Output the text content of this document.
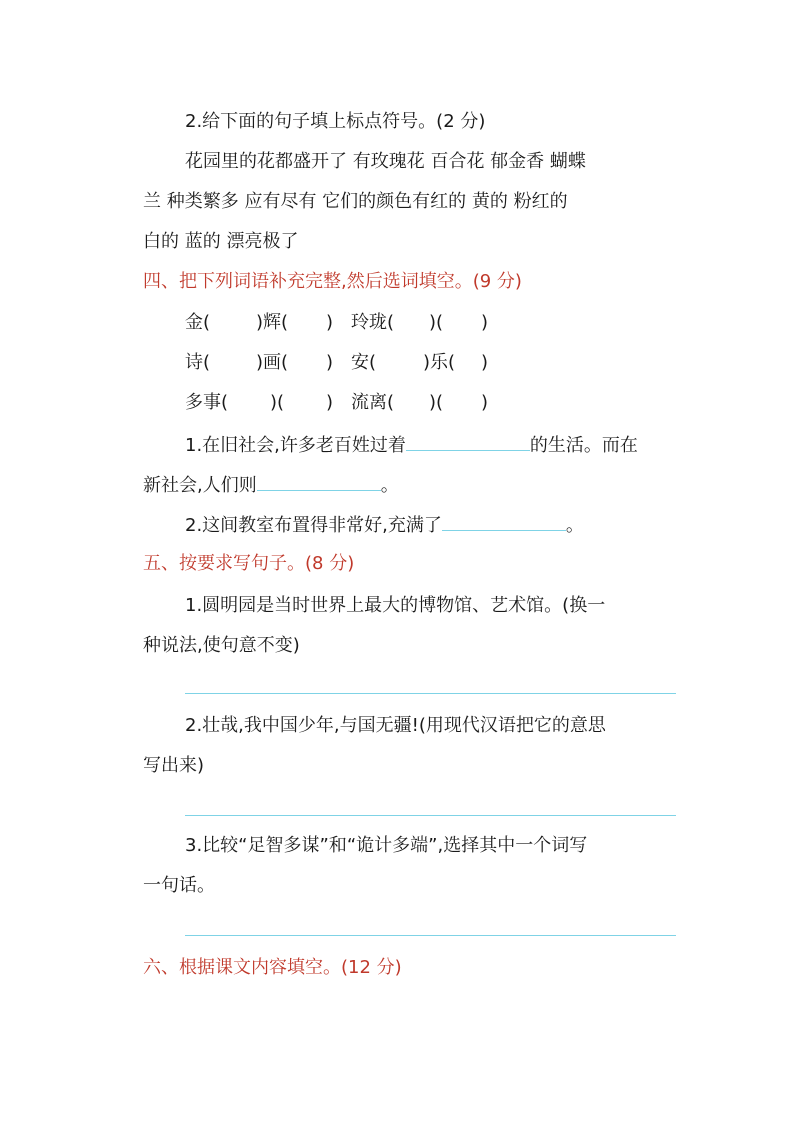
2.给下面的句子填上标点符号。(2 分)
花园里的花都盛开了 有玫瑰花 百合花 郁金香 蝴蝶
兰 种类繁多 应有尽有 它们的颜色有红的 黄的 粉红的
白的 蓝的 漂亮极了
四、把下列词语补充完整,然后选词填空。(9 分)
金(	)辉( ) 玲珑( )( )
诗(	)画( ) 安(	)乐( )
多事( )( ) 流离( )( )
1.在旧社会,许多老百姓过着	的生活。而在
新社会,人们则	。
2.这间教室布置得非常好,充满了	。
五、按要求写句子。(8 分)
1.圆明园是当时世界上最大的博物馆、艺术馆。(换一
种说法,使句意不变)
2.壮哉,我中国少年,与国无疆!(用现代汉语把它的意思
写出来)
3.比较“足智多谋”和“诡计多端”,选择其中一个词写
一句话。
六、根据课文内容填空。(12 分)
